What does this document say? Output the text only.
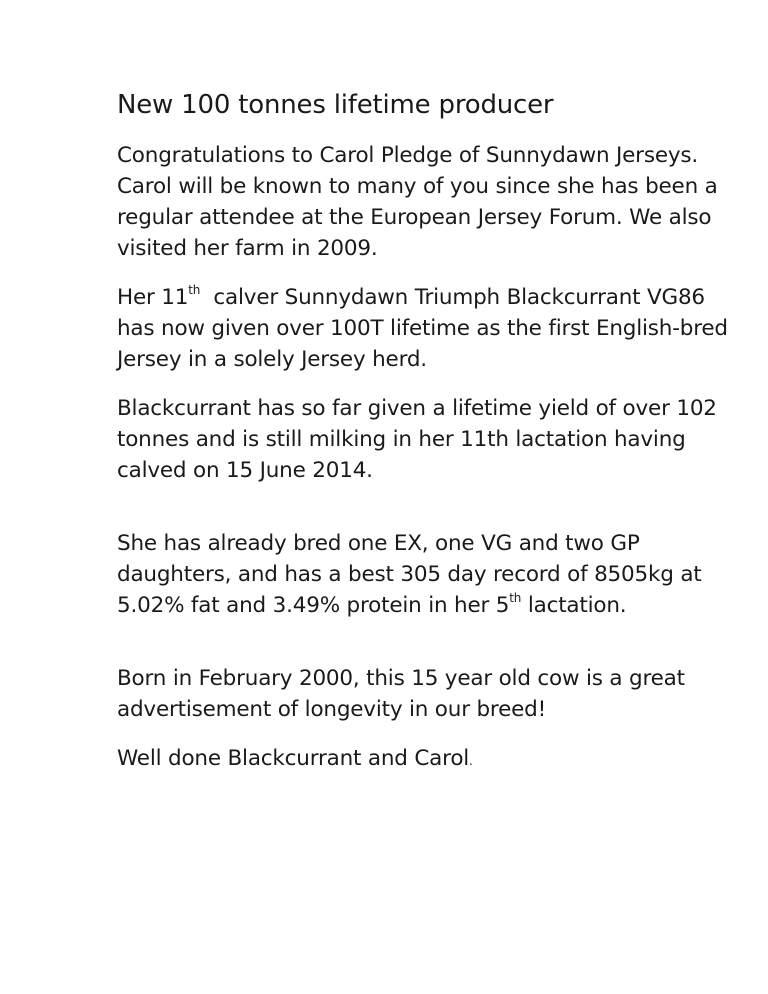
New 100 tonnes lifetime producer

Congratulations to Carol Pledge of Sunnydawn Jerseys. Carol will be known to many of you since she has been a regular attendee at the European Jersey Forum. We also visited her farm in 2009.

Her 11th  calver Sunnydawn Triumph Blackcurrant VG86 has now given over 100T lifetime as the first English-bred Jersey in a solely Jersey herd.

Blackcurrant has so far given a lifetime yield of over 102 tonnes and is still milking in her 11th lactation having calved on 15 June 2014.

She has already bred one EX, one VG and two GP daughters, and has a best 305 day record of 8505kg at 5.02% fat and 3.49% protein in her 5th lactation.

Born in February 2000, this 15 year old cow is a great advertisement of longevity in our breed!

Well done Blackcurrant and Carol.
